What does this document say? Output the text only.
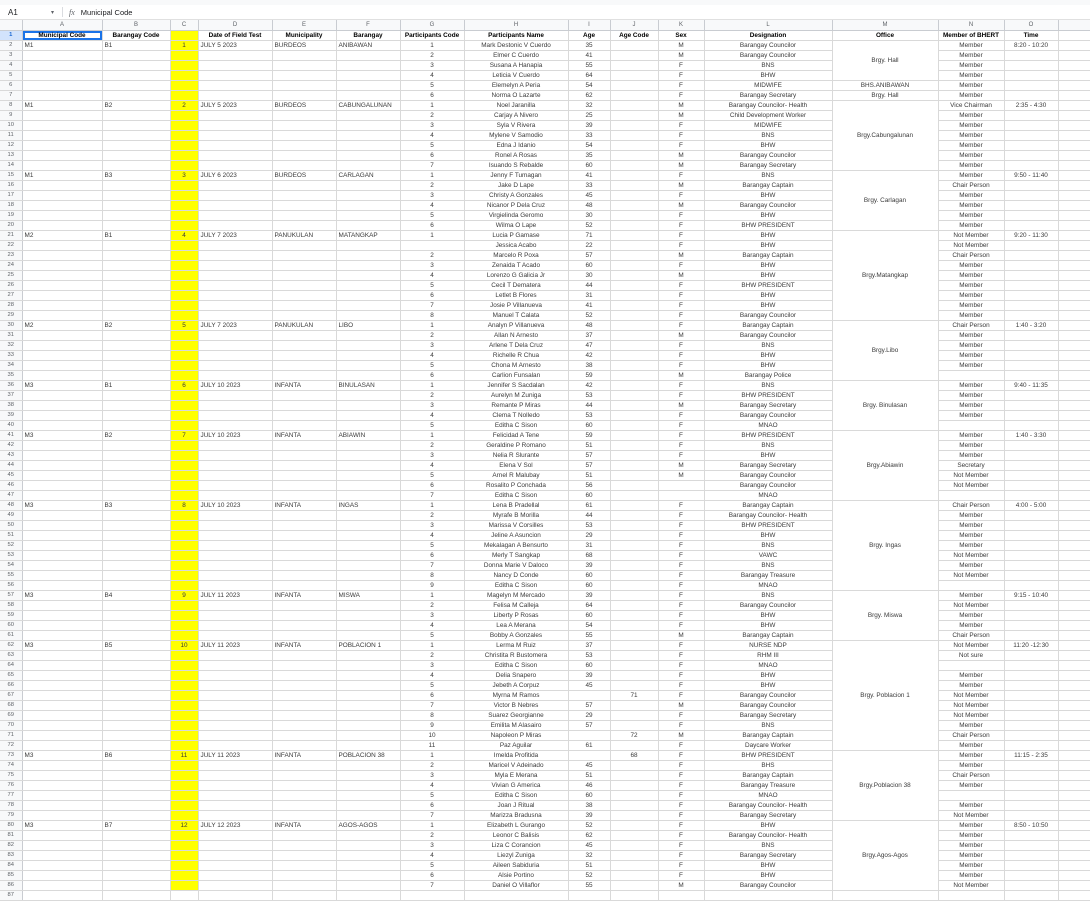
A1	▾ fx Municipal Code
	A	B	C	D	E	F	G	H	I	J	K	L	M	N	O	
1	Municipal Code	Barangay Code		Date of Field Test	Municipality	Barangay	Participants Code	Participants Name	Age	Age Code	Sex	Designation	Office	Member of BHERT	Time	
2	M1	B1	1	JULY 5 2023	BURDEOS	ANIBAWAN	1	Mark Destonic V Cuerdo	35		M	Barangay Councilor	Brgy. Hall	Member	8:20 - 10:20	
3							2	Elmer C Cuerdo	41		M	Barangay Councilor		Member		
4							3	Susana A Hanapia	55		F	BNS		Member		
5							4	Leticia V Cuerdo	64		F	BHW		Member		
6							5	Elemelyn A Peria	54		F	MIDWIFE	BHS.ANIBAWAN	Member		
7							6	Norma O Lazarte	62		F	Barangay Secretary	Brgy. Hall	Member		
8	M1	B2	2	JULY 5 2023	BURDEOS	CABUNGALUNAN	1	Noel Jaranilla	32		M	Barangay Councilor- Health	Brgy.Cabungalunan	Vice Chairman	2:35 - 4:30	
9							2	Carjay A Nivero	25		M	Child Development Worker		Member		
10							3	Syla V Rivera	39		F	MIDWIFE		Member		
11							4	Mylene V Samodio	33		F	BNS		Member		
12							5	Edna J Idanio	54		F	BHW		Member		
13							6	Ronel A Rosas	35		M	Barangay Councilor		Member		
14							7	Isuando S Rebalde	60		M	Barangay Secretary		Member		
15	M1	B3	3	JULY 6 2023	BURDEOS	CARLAGAN	1	Jenny F Tumagan	41		F	BNS	Brgy. Carlagan	Member	9:50 - 11:40	
16							2	Jake D Lape	33		M	Barangay Captain		Chair Person		
17							3	Christy A Gonzales	45		F	BHW		Member		
18							4	Nicanor P Dela Cruz	48		M	Barangay Councilor		Member		
19							5	Virgielinda Geromo	30		F	BHW		Member		
20							6	Wilma O Lape	52		F	BHW PRESIDENT		Member		
21	M2	B1	4	JULY 7 2023	PANUKULAN	MATANGKAP	1	Lucia P Gamase	71		F	BHW	Brgy.Matangkap	Not Member	9:20 - 11:30	
22								Jessica Acabo	22		F	BHW		Not Member		
23							2	Marcelo R Poxa	57		M	Barangay Captain		Chair Person		
24							3	Zenaida T Acado	60		F	BHW		Member		
25							4	Lorenzo G Galicia Jr	30		M	BHW		Member		
26							5	Cecil T Dematera	44		F	BHW PRESIDENT		Member		
27							6	Letlet B Flores	31		F	BHW		Member		
28							7	Josie P Villanueva	41		F	BHW		Member		
29							8	Manuel T Calata	52		F	Barangay Councilor		Member		
30	M2	B2	5	JULY 7 2023	PANUKULAN	LIBO	1	Analyn P Villanueva	48		F	Barangay Captain	Brgy.Libo	Chair Person	1:40 - 3:20	
31							2	Allan N Arnesto	37		M	Barangay Councilor		Member		
32							3	Arlene T Dela Cruz	47		F	BNS		Member		
33							4	Richelle R Chua	42		F	BHW		Member		
34							5	Chona M Arnesto	38		F	BHW		Member		
35							6	Carlion Funsalan	59		M	Barangay Police				
36	M3	B1	6	JULY 10 2023	INFANTA	BINULASAN	1	Jennifer S Sacdalan	42		F	BNS	Brgy. Binulasan	Member	9:40 - 11:35	
37							2	Aurelyn M Zuniga	53		F	BHW PRESIDENT		Member		
38							3	Remante P Miras	44		M	Barangay Secretary		Member		
39							4	Clema T Nolledo	53		F	Barangay Councilor		Member		
40							5	Editha C Sison	60		F	MNAO				
41	M3	B2	7	JULY 10 2023	INFANTA	ABIAWIN	1	Felicidad A Tene	59		F	BHW PRESIDENT	Brgy.Abiawin	Member	1:40 - 3:30	
42							2	Geraldine P Romano	51		F	BNS		Member		
43							3	Nelia R Slurante	57		F	BHW		Member		
44							4	Elena V Sol	57		M	Barangay Secretary		Secretary		
45							5	Arnel R Malubay	51		M	Barangay Councilor		Not Member		
46							6	Rosalito P Conchada	56			Barangay Councilor		Not Member		
47							7	Editha C Sison	60			MNAO				
48	M3	B3	8	JULY 10 2023	INFANTA	INGAS	1	Lena B Pradellal	61		F	Barangay Captain	Brgy. Ingas	Chair Person	4:00 - 5:00	
49							2	Myrafe B Morilla	44		F	Barangay Councilor- Health		Member		
50							3	Marissa V Corsilles	53		F	BHW PRESIDENT		Member		
51							4	Jeline A Asuncion	29		F	BHW		Member		
52							5	Mekalagan A Bensurto	31		F	BNS		Member		
53							6	Merly T Sangkap	68		F	VAWC		Not Member		
54							7	Donna Marie V Daloco	39		F	BNS		Member		
55							8	Nancy D Conde	60		F	Barangay Treasure		Not Member		
56							9	Editha C Sison	60		F	MNAO				
57	M3	B4	9	JULY 11 2023	INFANTA	MISWA	1	Magelyn M Mercado	39		F	BNS	Brgy. Miswa	Member	9:15 - 10:40	
58							2	Felisa M Calleja	64		F	Barangay Councilor		Not Member		
59							3	Liberty P Rosas	60		F	BHW		Member		
60							4	Lea A Merana	54		F	BHW		Member		
61							5	Bobby A Gonzales	55		M	Barangay Captain		Chair Person		
62	M3	B5	10	JULY 11 2023	INFANTA	POBLACION 1	1	Lerma M Ruiz	37		F	NURSE NDP	Brgy. Poblacion 1	Not Member	11:20 -12:30	
63							2	Christita R Bustomera	53		F	RHM III		Not sure		
64							3	Editha C Sison	60		F	MNAO				
65							4	Delia Snapero	39		F	BHW		Member		
66							5	Jebeth A Corpuz	45		F	BHW		Member		
67							6	Myrna M Ramos		71	F	Barangay Councilor		Not Member		
68							7	Victor B Nebres	57		M	Barangay Councilor		Not Member		
69							8	Suarez Georgianne	29		F	Barangay Secretary		Not Member		
70							9	Emilita M Alasairo	57		F	BNS		Member		
71							10	Napoleon P Miras		72	M	Barangay Captain		Chair Person		
72							11	Paz Aguilar	61		F	Daycare Worker		Member		
73	M3	B6	11	JULY 11 2023	INFANTA	POBLACION 38	1	Imelda Profitida		68	F	BHW PRESIDENT	Brgy.Poblacion 38	Member	11:15 - 2:35	
74							2	Maricel V Adeinado	45		F	BHS		Member		
75							3	Myla E Merana	51		F	Barangay Captain		Chair Person		
76							4	Vivian G America	46		F	Barangay Treasure		Member		
77							5	Editha C Sison	60		F	MNAO				
78							6	Joan J Ritual	38		F	Barangay Councilor- Health		Member		
79							7	Marizza Bradusna	39		F	Barangay Secretary		Not Member		
80	M3	B7	12	JULY 12 2023	INFANTA	AGOS-AGOS	1	Elizabeth L Gurango	52		F	BHW	Brgy.Agos-Agos	Member	8:50 - 10:50	
81							2	Leonor C Balisis	62		F	Barangay Councilor- Health		Member		
82							3	Liza C Corancion	45		F	BNS		Member		
83							4	Liezyl Zuniga	32		F	Barangay Secretary		Member		
84							5	Aileen Sabiduria	51		F	BHW		Member		
85							6	Alsie Portino	52		F	BHW		Member		
86							7	Daniel O Villaflor	55		M	Barangay Councilor		Not Member		
87																
